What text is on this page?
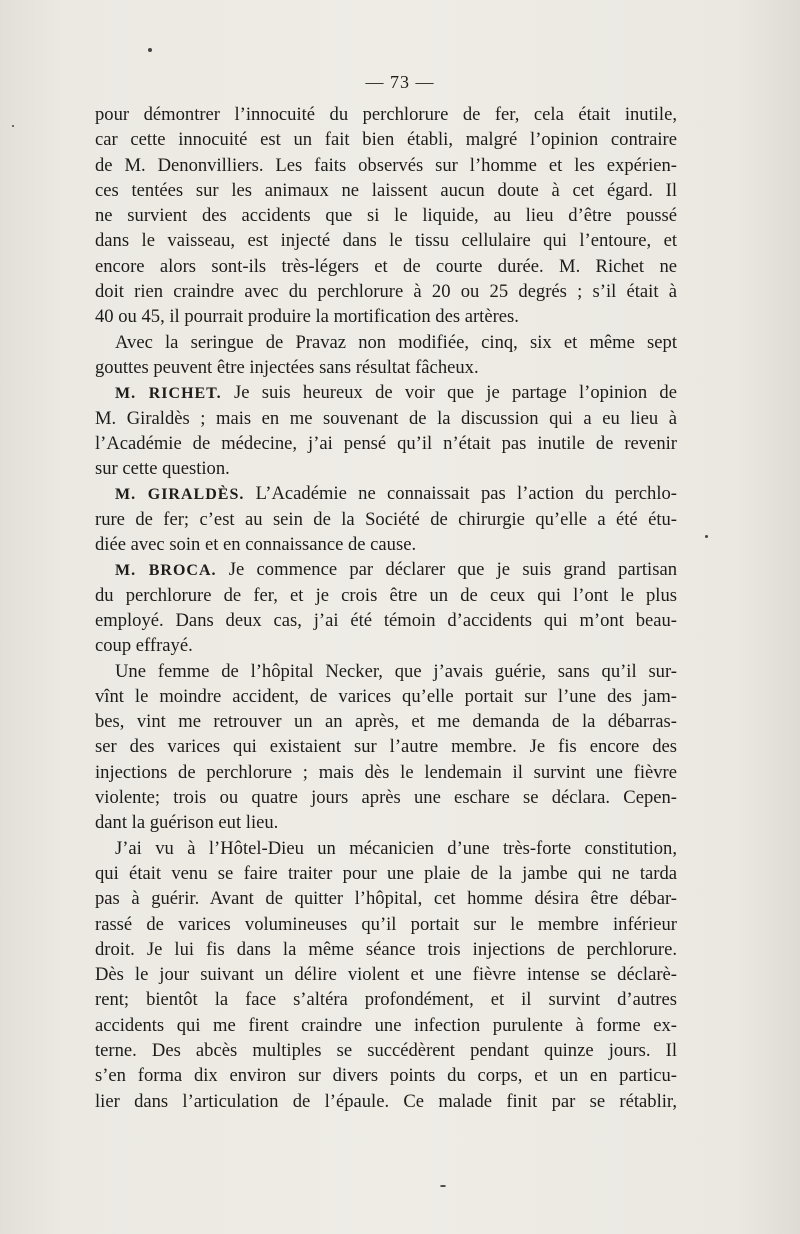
— 73 —
pour démontrer l’innocuité du perchlorure de fer, cela était inutile,
car cette innocuité est un fait bien établi, malgré l’opinion contraire
de M. Denonvilliers. Les faits observés sur l’homme et les expérien-
ces tentées sur les animaux ne laissent aucun doute à cet égard. Il
ne survient des accidents que si le liquide, au lieu d’être poussé
dans le vaisseau, est injecté dans le tissu cellulaire qui l’entoure, et
encore alors sont-ils très-légers et de courte durée. M. Richet ne
doit rien craindre avec du perchlorure à 20 ou 25 degrés ; s’il était à
40 ou 45, il pourrait produire la mortification des artères.
Avec la seringue de Pravaz non modifiée, cinq, six et même sept
gouttes peuvent être injectées sans résultat fâcheux.
M. RICHET. Je suis heureux de voir que je partage l’opinion de
M. Giraldès ; mais en me souvenant de la discussion qui a eu lieu à
l’Académie de médecine, j’ai pensé qu’il n’était pas inutile de revenir
sur cette question.
M. GIRALDÈS. L’Académie ne connaissait pas l’action du perchlo-
rure de fer; c’est au sein de la Société de chirurgie qu’elle a été étu-
diée avec soin et en connaissance de cause.
M. BROCA. Je commence par déclarer que je suis grand partisan
du perchlorure de fer, et je crois être un de ceux qui l’ont le plus
employé. Dans deux cas, j’ai été témoin d’accidents qui m’ont beau-
coup effrayé.
Une femme de l’hôpital Necker, que j’avais guérie, sans qu’il sur-
vînt le moindre accident, de varices qu’elle portait sur l’une des jam-
bes, vint me retrouver un an après, et me demanda de la débarras-
ser des varices qui existaient sur l’autre membre. Je fis encore des
injections de perchlorure ; mais dès le lendemain il survint une fièvre
violente; trois ou quatre jours après une eschare se déclara. Cepen-
dant la guérison eut lieu.
J’ai vu à l’Hôtel-Dieu un mécanicien d’une très-forte constitution,
qui était venu se faire traiter pour une plaie de la jambe qui ne tarda
pas à guérir. Avant de quitter l’hôpital, cet homme désira être débar-
rassé de varices volumineuses qu’il portait sur le membre inférieur
droit. Je lui fis dans la même séance trois injections de perchlorure.
Dès le jour suivant un délire violent et une fièvre intense se déclarè-
rent; bientôt la face s’altéra profondément, et il survint d’autres
accidents qui me firent craindre une infection purulente à forme ex-
terne. Des abcès multiples se succédèrent pendant quinze jours. Il
s’en forma dix environ sur divers points du corps, et un en particu-
lier dans l’articulation de l’épaule. Ce malade finit par se rétablir,
